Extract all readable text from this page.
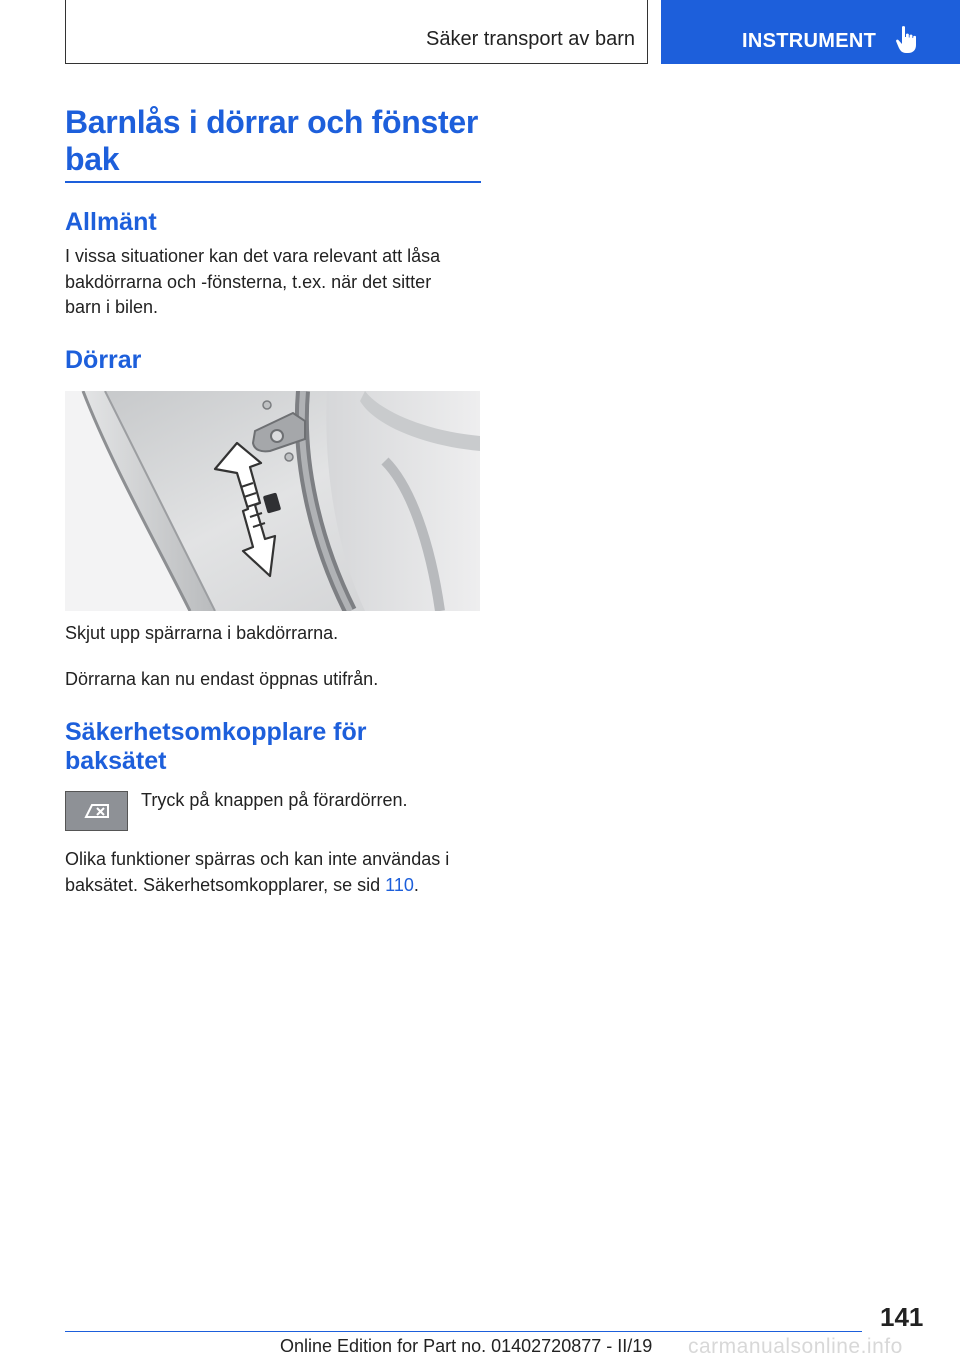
Säker transport av barn	INSTRUMENT
Barnlås i dörrar och fönster
bak
Allmänt
I vissa situationer kan det vara relevant att låsa
bakdörrarna och -fönsterna, t.ex. när det sitter
barn i bilen.
Dörrar
Skjut upp spärrarna i bakdörrarna.
Dörrarna kan nu endast öppnas utifrån.
Säkerhetsomkopplare för
baksätet
Tryck på knappen på förardörren.
Olika funktioner spärras och kan inte användas i
baksätet. Säkerhetsomkopplarer, se sid 110.
141
Online Edition for Part no. 01402720877 - II/19 carmanualsonline.info
